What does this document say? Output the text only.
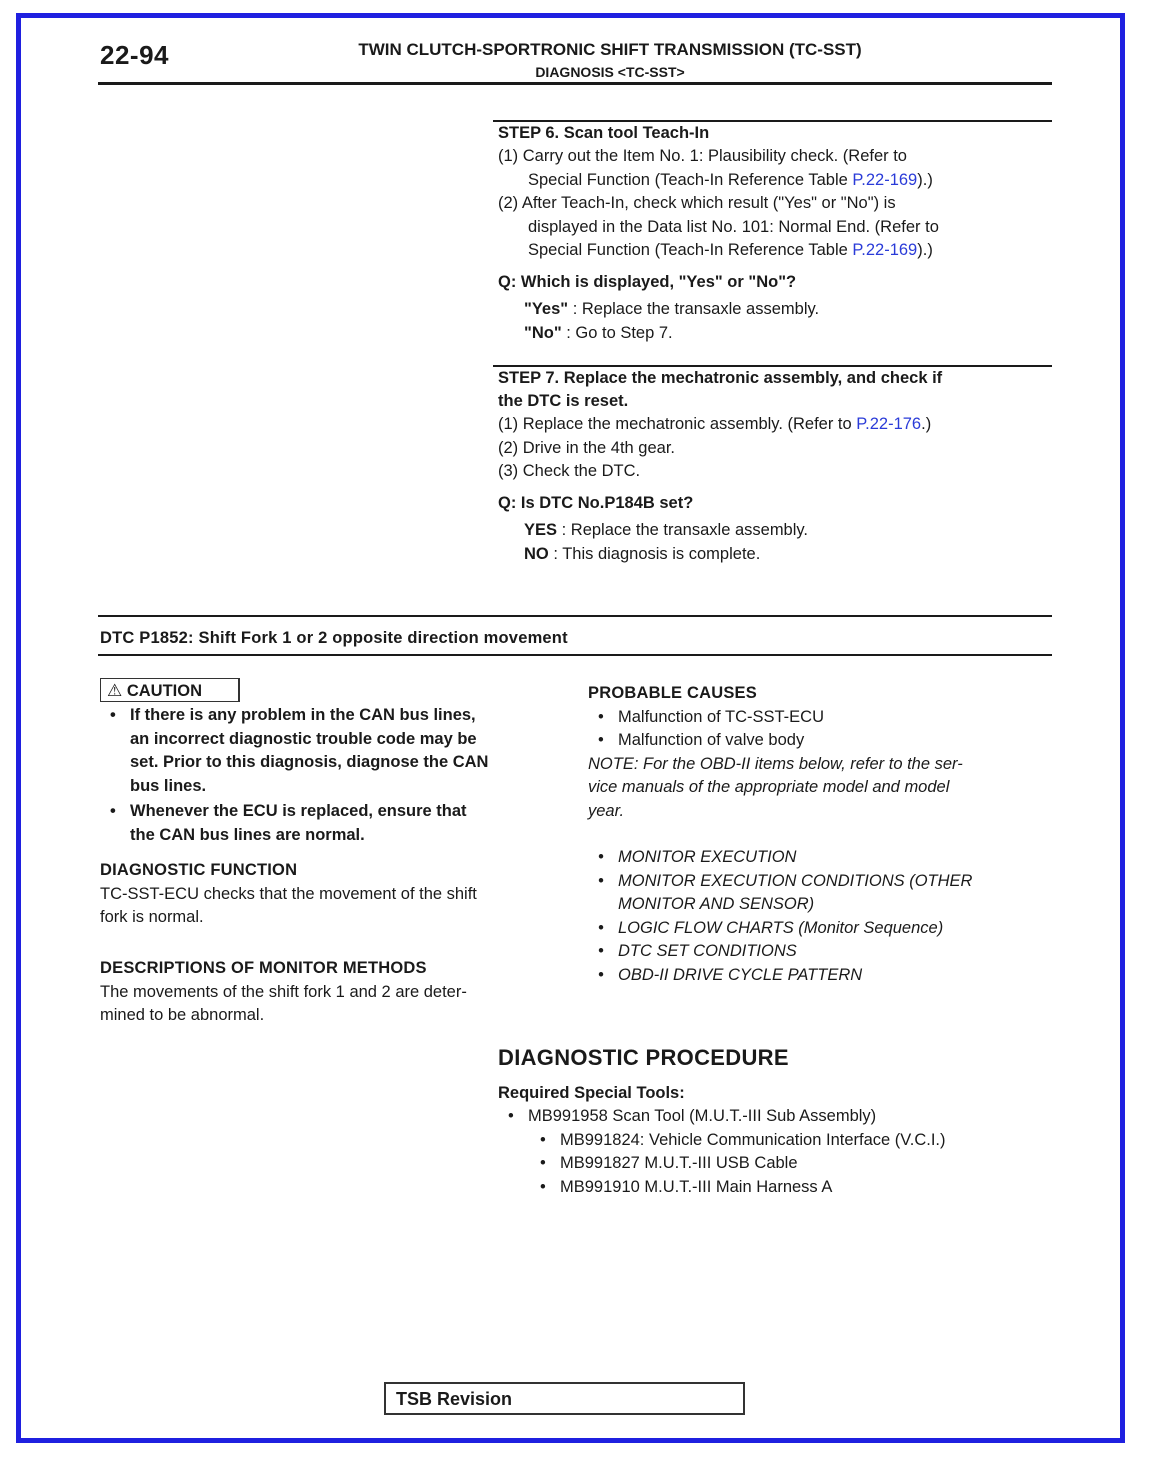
22-94	TWIN CLUTCH-SPORTRONIC SHIFT TRANSMISSION (TC-SST)
DIAGNOSIS <TC-SST>
STEP 6. Scan tool Teach-In
(1) Carry out the Item No. 1: Plausibility check. (Refer to
Special Function (Teach-In Reference Table P.22-169).)
(2) After Teach-In, check which result ("Yes" or "No") is
displayed in the Data list No. 101: Normal End. (Refer to
Special Function (Teach-In Reference Table P.22-169).)
Q: Which is displayed, "Yes" or "No"?
"Yes" : Replace the transaxle assembly.
"No" : Go to Step 7.
STEP 7. Replace the mechatronic assembly, and check if
the DTC is reset.
(1) Replace the mechatronic assembly. (Refer to P.22-176.)
(2) Drive in the 4th gear.
(3) Check the DTC.
Q: Is DTC No.P184B set?
YES : Replace the transaxle assembly.
NO : This diagnosis is complete.
DTC P1852: Shift Fork 1 or 2 opposite direction movement
⚠ CAUTION
• If there is any problem in the CAN bus lines,
an incorrect diagnostic trouble code may be
set. Prior to this diagnosis, diagnose the CAN
bus lines.
• Whenever the ECU is replaced, ensure that
the CAN bus lines are normal.
DIAGNOSTIC FUNCTION
TC-SST-ECU checks that the movement of the shift
fork is normal.
DESCRIPTIONS OF MONITOR METHODS
The movements of the shift fork 1 and 2 are deter-
mined to be abnormal.
PROBABLE CAUSES
• Malfunction of TC-SST-ECU
• Malfunction of valve body
NOTE: For the OBD-II items below, refer to the ser-
vice manuals of the appropriate model and model
year.
• MONITOR EXECUTION
• MONITOR EXECUTION CONDITIONS (OTHER
MONITOR AND SENSOR)
• LOGIC FLOW CHARTS (Monitor Sequence)
• DTC SET CONDITIONS
• OBD-II DRIVE CYCLE PATTERN
DIAGNOSTIC PROCEDURE
Required Special Tools:
• MB991958 Scan Tool (M.U.T.-III Sub Assembly)
• MB991824: Vehicle Communication Interface (V.C.I.)
• MB991827 M.U.T.-III USB Cable
• MB991910 M.U.T.-III Main Harness A
TSB Revision
